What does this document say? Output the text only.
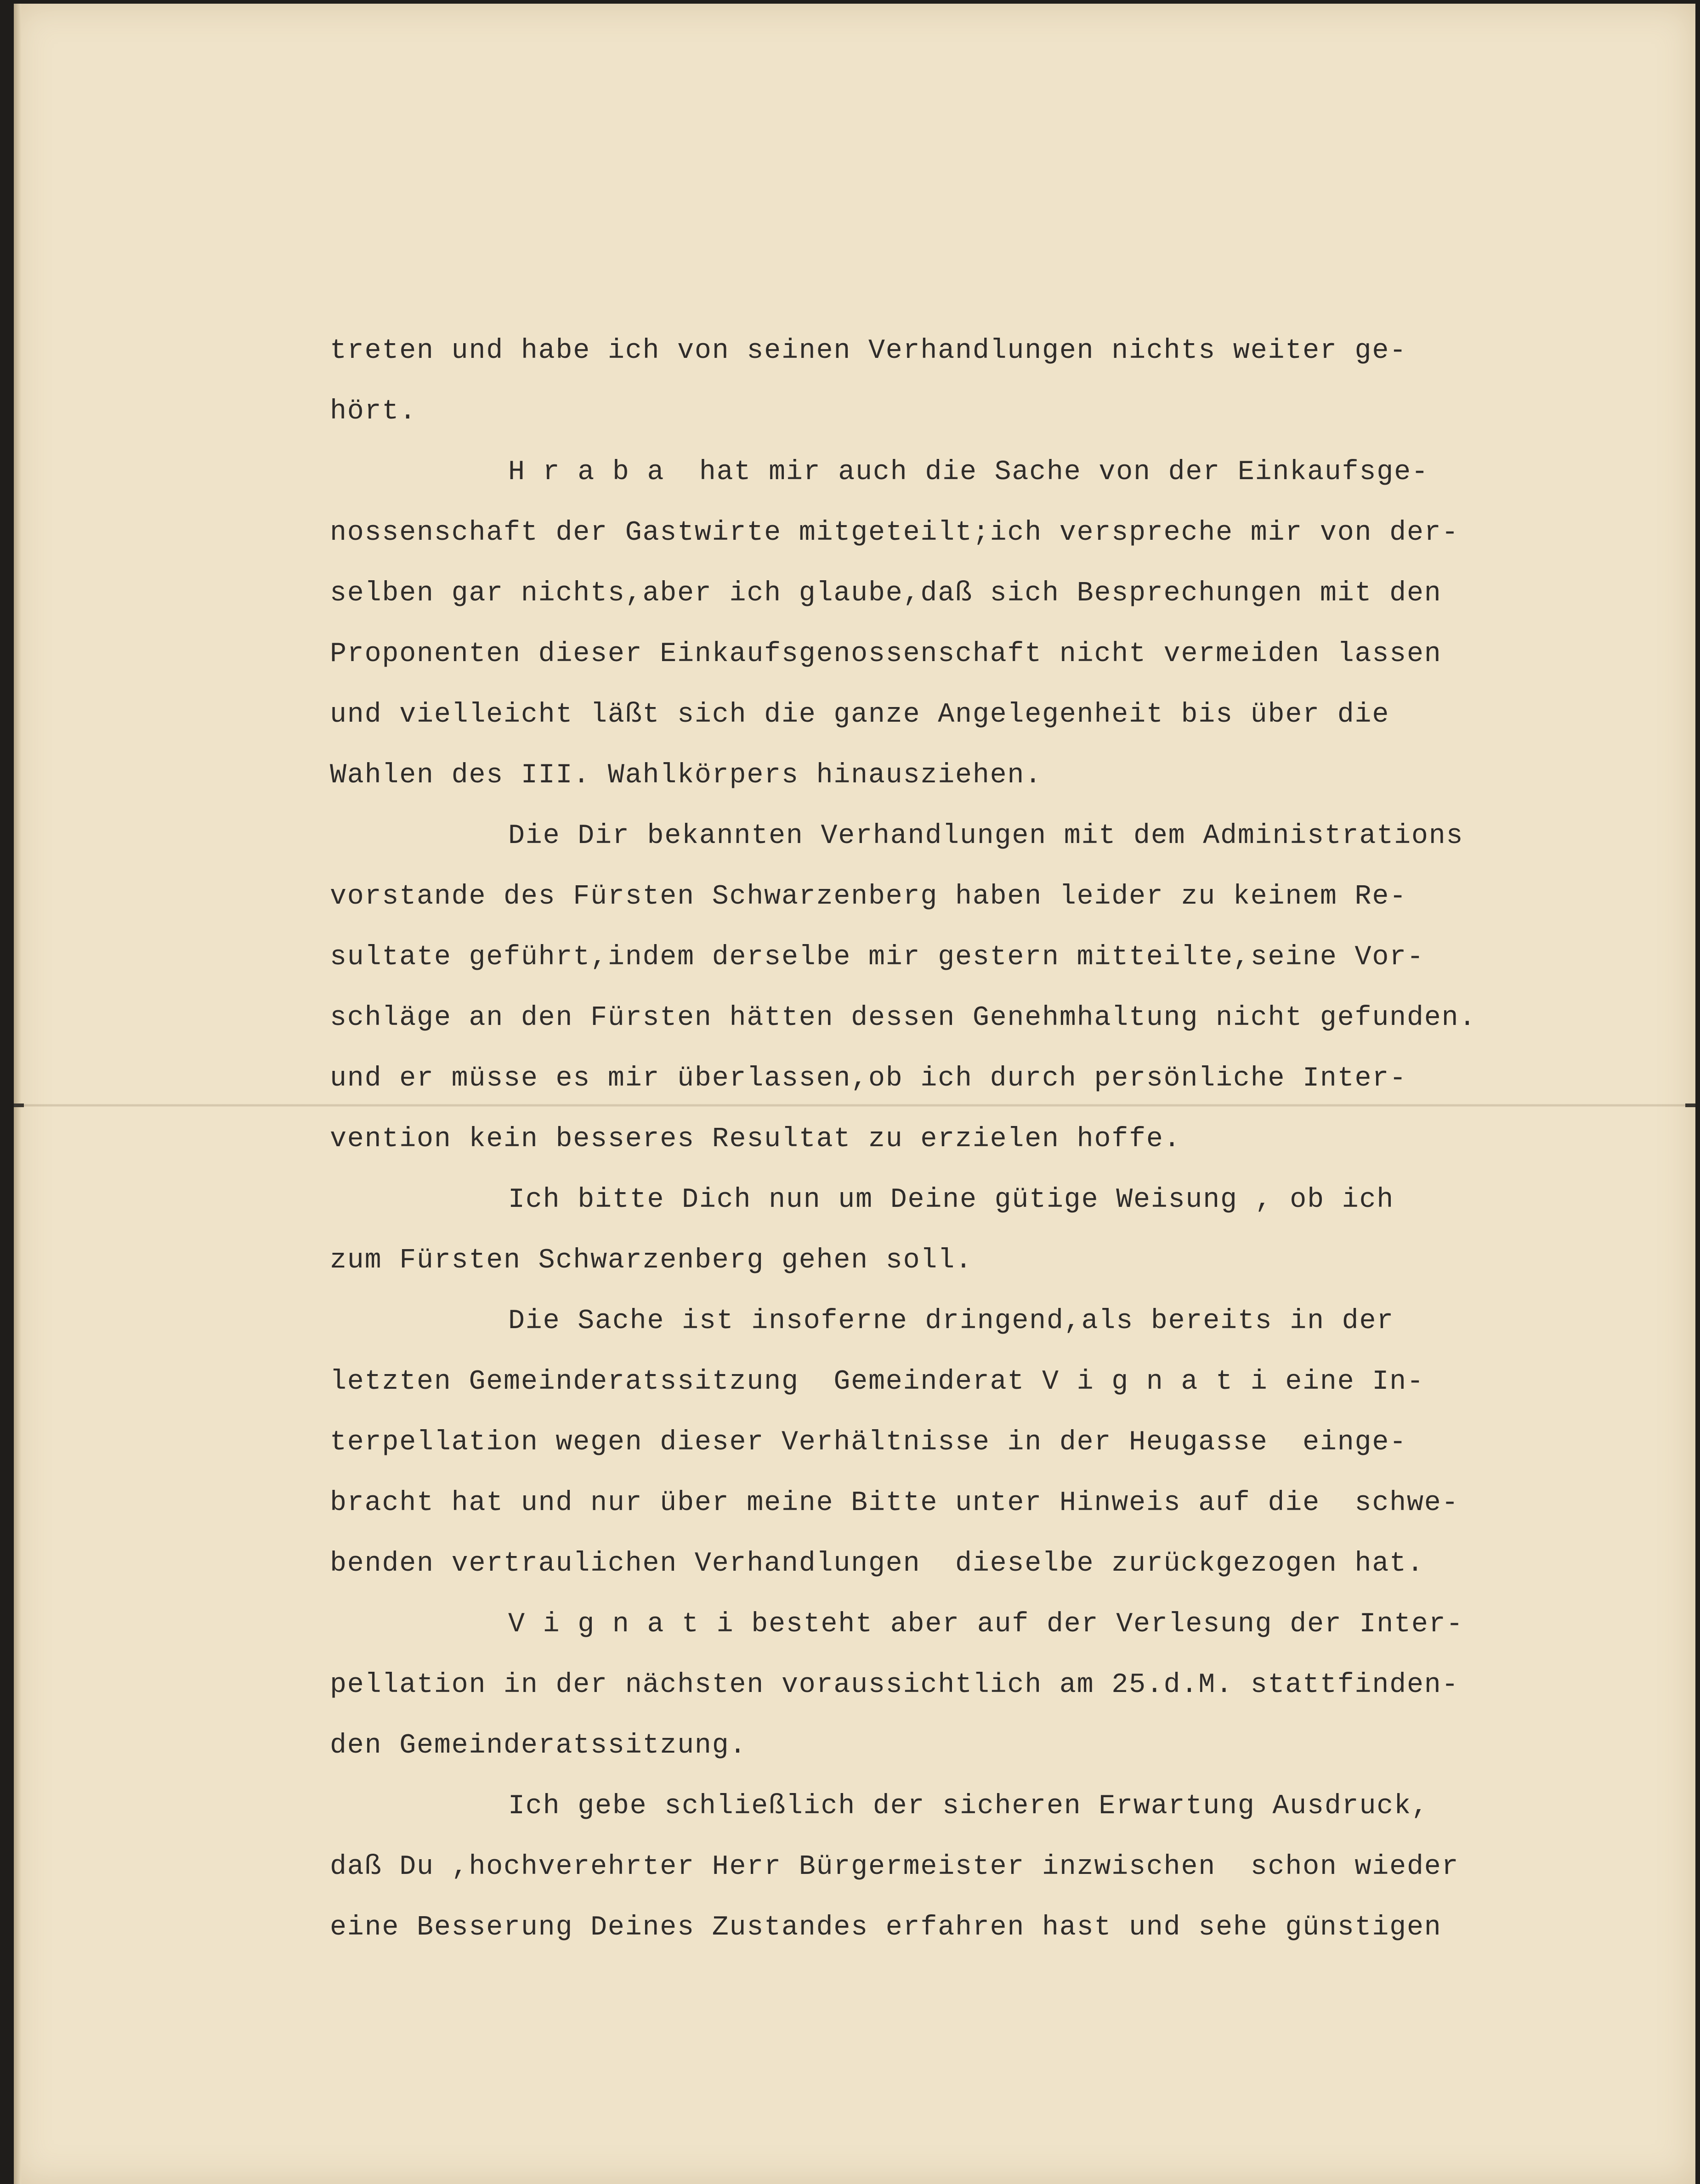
treten und habe ich von seinen Verhandlungen nichts weiter ge-
hört.
H r a b a  hat mir auch die Sache von der Einkaufsge-
nossenschaft der Gastwirte mitgeteilt;ich verspreche mir von der-
selben gar nichts,aber ich glaube,daß sich Besprechungen mit den
Proponenten dieser Einkaufsgenossenschaft nicht vermeiden lassen
und vielleicht läßt sich die ganze Angelegenheit bis über die
Wahlen des III. Wahlkörpers hinausziehen.
Die Dir bekannten Verhandlungen mit dem Administrations
vorstande des Fürsten Schwarzenberg haben leider zu keinem Re-
sultate geführt,indem derselbe mir gestern mitteilte,seine Vor-
schläge an den Fürsten hätten dessen Genehmhaltung nicht gefunden.
und er müsse es mir überlassen,ob ich durch persönliche Inter-
vention kein besseres Resultat zu erzielen hoffe.
Ich bitte Dich nun um Deine gütige Weisung , ob ich
zum Fürsten Schwarzenberg gehen soll.
Die Sache ist insoferne dringend,als bereits in der
letzten Gemeinderatssitzung  Gemeinderat V i g n a t i eine In-
terpellation wegen dieser Verhältnisse in der Heugasse  einge-
bracht hat und nur über meine Bitte unter Hinweis auf die  schwe-
benden vertraulichen Verhandlungen  dieselbe zurückgezogen hat.
V i g n a t i besteht aber auf der Verlesung der Inter-
pellation in der nächsten voraussichtlich am 25.d.M. stattfinden-
den Gemeinderatssitzung.
Ich gebe schließlich der sicheren Erwartung Ausdruck,
daß Du ,hochverehrter Herr Bürgermeister inzwischen  schon wieder
eine Besserung Deines Zustandes erfahren hast und sehe günstigen
